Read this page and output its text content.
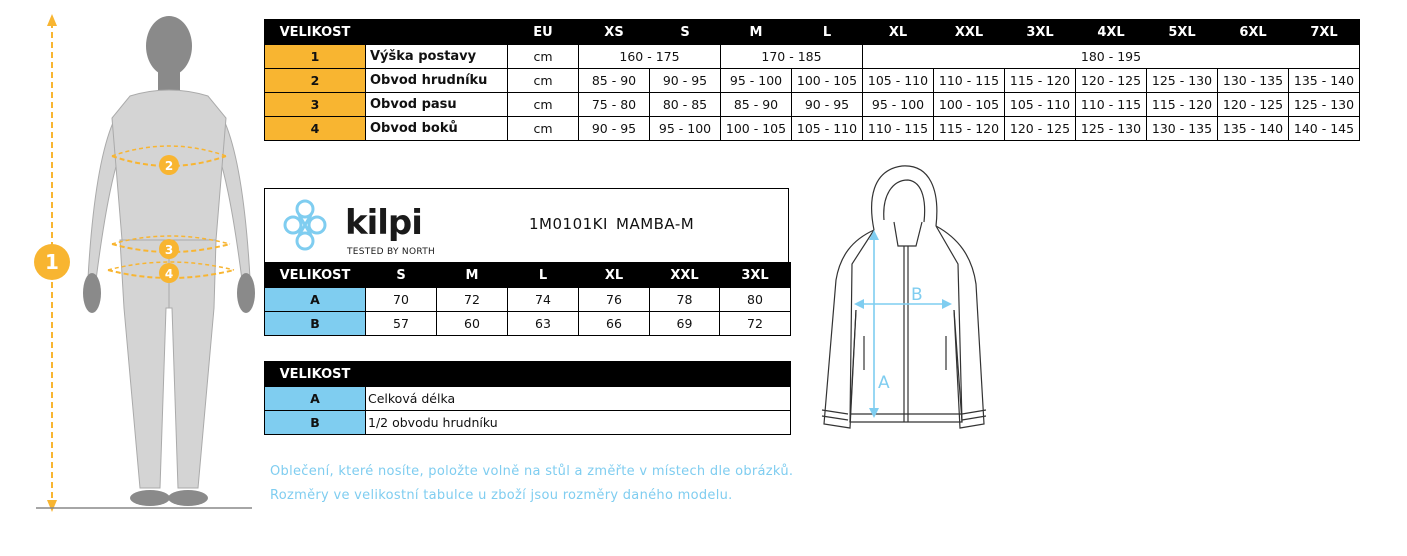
1
2
3
4
VELIKOST		EU	XS	S	M	L	XL	XXL	3XL	4XL	5XL	6XL	7XL
1	Výška postavy	cm	160 - 175		170 - 185		180 - 195						
2	Obvod hrudníku	cm	85 - 90	90 - 95	95 - 100	100 - 105	105 - 110	110 - 115	115 - 120	120 - 125	125 - 130	130 - 135	135 - 140
3	Obvod pasu	cm	75 - 80	80 - 85	85 - 90	90 - 95	95 - 100	100 - 105	105 - 110	110 - 115	115 - 120	120 - 125	125 - 130
4	Obvod boků	cm	90 - 95	95 - 100	100 - 105	105 - 110	110 - 115	115 - 120	120 - 125	125 - 130	130 - 135	135 - 140	140 - 145
kilpi
TESTED BY NORTH
1M0101KI MAMBA-M
VELIKOST	S	M	L	XL	XXL	3XL
A	70	72	74	76	78	80
B	57	60	63	66	69	72
VELIKOST	
A	Celková délka
B	1/2 obvodu hrudníku
A
B
Oblečení, které nosíte, položte volně na stůl a změřte v místech dle obrázků.
Rozměry ve velikostní tabulce u zboží jsou rozměry daného modelu.
